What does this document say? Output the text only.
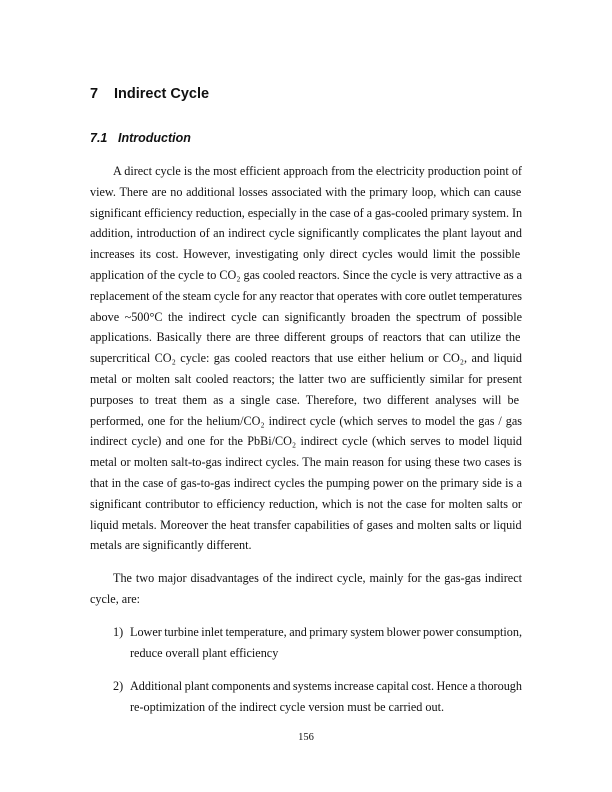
7 Indirect Cycle
7.1 Introduction
A direct cycle is the most efficient approach from the electricity production point of
view. There are no additional losses associated with the primary loop, which can cause
significant efficiency reduction, especially in the case of a gas-cooled primary system. In
addition, introduction of an indirect cycle significantly complicates the plant layout and
increases its cost. However, investigating only direct cycles would limit the possible
application of the cycle to CO₂ gas cooled reactors. Since the cycle is very attractive as a
replacement of the steam cycle for any reactor that operates with core outlet temperatures
above ~500°C the indirect cycle can significantly broaden the spectrum of possible
applications. Basically there are three different groups of reactors that can utilize the
supercritical CO₂ cycle: gas cooled reactors that use either helium or CO₂, and liquid
metal or molten salt cooled reactors; the latter two are sufficiently similar for present
purposes to treat them as a single case. Therefore, two different analyses will be
performed, one for the helium/CO₂ indirect cycle (which serves to model the gas / gas
indirect cycle) and one for the PbBi/CO₂ indirect cycle (which serves to model liquid
metal or molten salt-to-gas indirect cycles. The main reason for using these two cases is
that in the case of gas-to-gas indirect cycles the pumping power on the primary side is a
significant contributor to efficiency reduction, which is not the case for molten salts or
liquid metals. Moreover the heat transfer capabilities of gases and molten salts or liquid
metals are significantly different.
The two major disadvantages of the indirect cycle, mainly for the gas-gas indirect
cycle, are:
1) Lower turbine inlet temperature, and primary system blower power consumption,
reduce overall plant efficiency
2) Additional plant components and systems increase capital cost. Hence a thorough
re-optimization of the indirect cycle version must be carried out.
156
